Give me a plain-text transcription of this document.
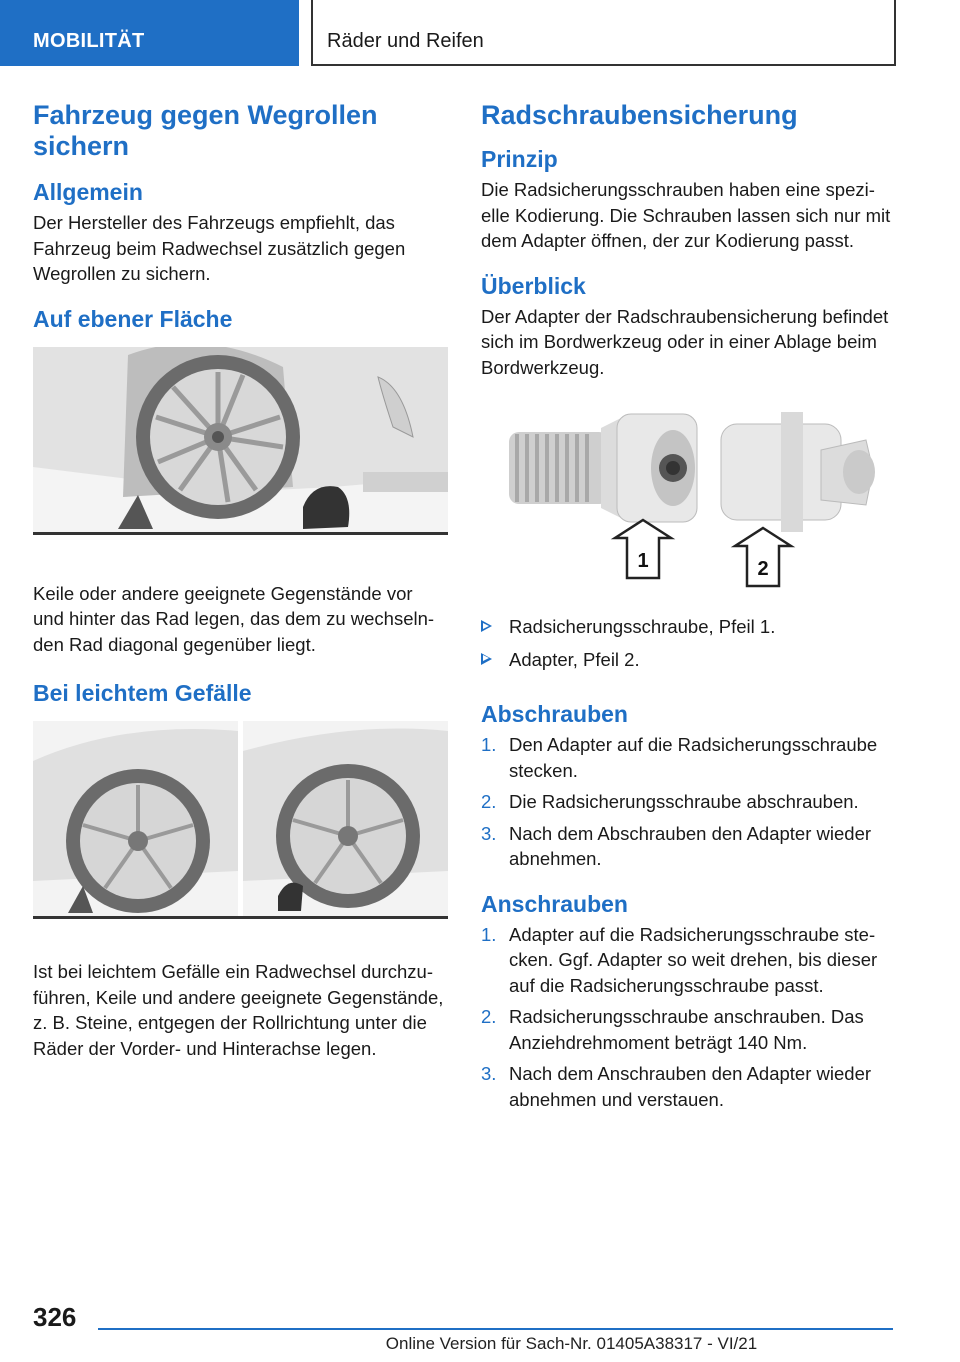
MOBILITÄT	Räder und Reifen
Fahrzeug gegen Wegrollen sichern
Allgemein

Der Hersteller des Fahrzeugs empfiehlt, das Fahrzeug beim Radwechsel zusätzlich gegen Wegrollen zu sichern.

Auf ebener Fläche

Keile oder andere geeignete Gegenstände vor und hinter das Rad legen, das dem zu wechselnden Rad diagonal gegenüber liegt.

Bei leichtem Gefälle

Ist bei leichtem Gefälle ein Radwechsel durchzuführen, Keile und andere geeignete Gegenstände, z. B. Steine, entgegen der Rollrichtung unter die Räder der Vorder- und Hinterachse legen.

Radschraubensicherung
Prinzip

Die Radsicherungsschrauben haben eine spezielle Kodierung. Die Schrauben lassen sich nur mit dem Adapter öffnen, der zur Kodierung passt.

Überblick

Der Adapter der Radschraubensicherung befindet sich im Bordwerkzeug oder in einer Ablage beim Bordwerkzeug.

1	2
Radsicherungsschraube, Pfeil 1.
Adapter, Pfeil 2.
Abschrauben
1. Den Adapter auf die Radsicherungsschraube stecken.
2. Die Radsicherungsschraube abschrauben.
3. Nach dem Abschrauben den Adapter wieder abnehmen.
Anschrauben
1. Adapter auf die Radsicherungsschraube stecken. Ggf. Adapter so weit drehen, bis dieser auf die Radsicherungsschraube passt.
2. Radsicherungsschraube anschrauben. Das Anziehdrehmoment beträgt 140 Nm.
3. Nach dem Anschrauben den Adapter wieder abnehmen und verstauen.
326
Online Version für Sach-Nr. 01405A38317 - VI/21
